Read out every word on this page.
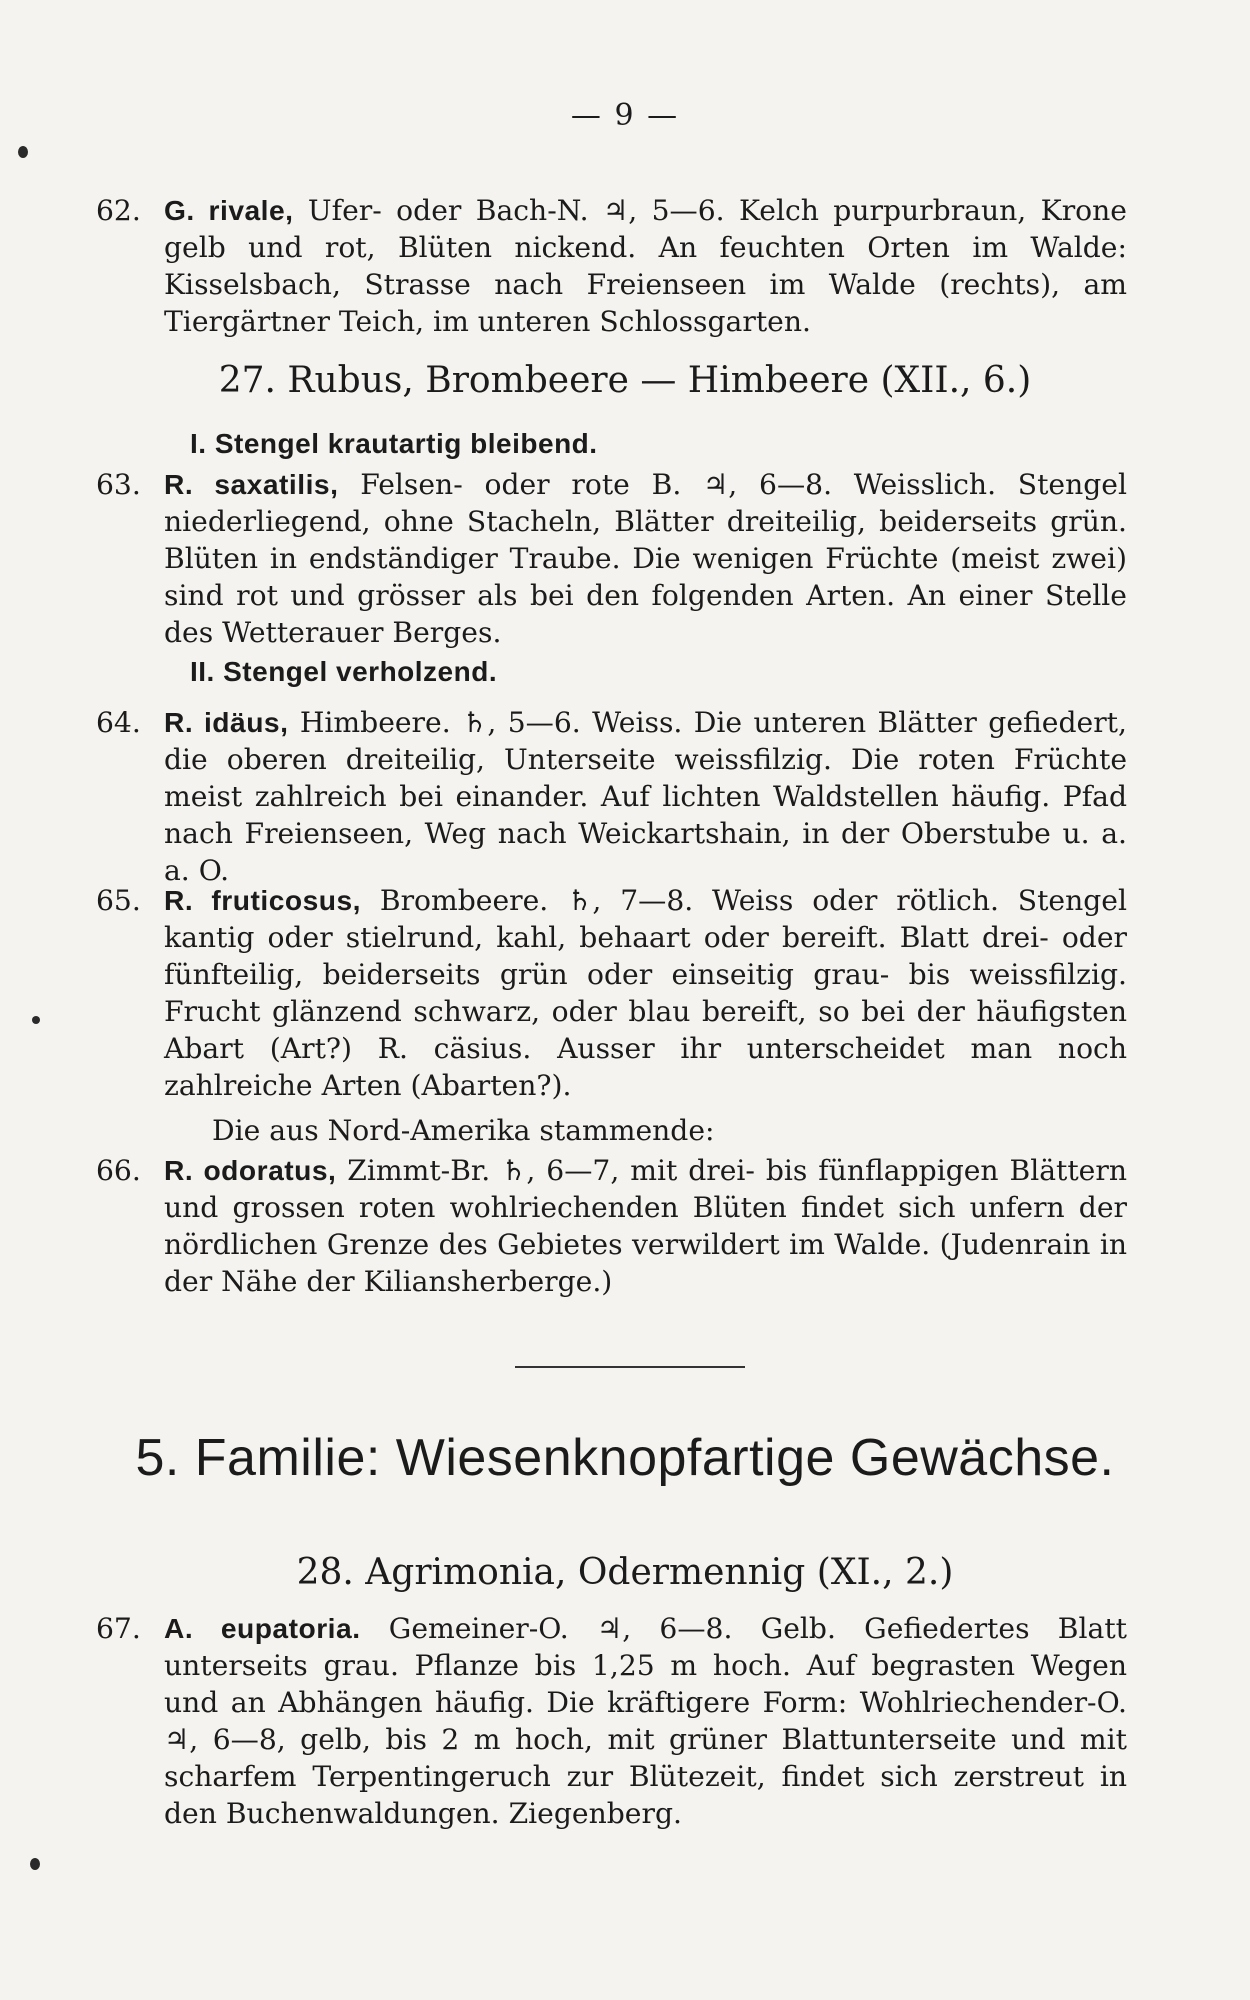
— 9 —
62. G. rivale, Ufer- oder Bach-N. ♃, 5—6. Kelch purpurbraun, Krone gelb und rot, Blüten nickend. An feuchten Orten im Walde: Kisselsbach, Strasse nach Freienseen im Walde (rechts), am Tiergärtner Teich, im unteren Schlossgarten.
27. Rubus, Brombeere — Himbeere (XII., 6.)
I. Stengel krautartig bleibend.
63. R. saxatilis, Felsen- oder rote B. ♃, 6—8. Weisslich. Stengel niederliegend, ohne Stacheln, Blätter dreiteilig, beiderseits grün. Blüten in endständiger Traube. Die wenigen Früchte (meist zwei) sind rot und grösser als bei den folgenden Arten. An einer Stelle des Wetterauer Berges.
II. Stengel verholzend.
64. R. idäus, Himbeere. ♄, 5—6. Weiss. Die unteren Blätter gefiedert, die oberen dreiteilig, Unterseite weissfilzig. Die roten Früchte meist zahlreich bei einander. Auf lichten Waldstellen häufig. Pfad nach Freienseen, Weg nach Weickartshain, in der Oberstube u. a. a. O.
65. R. fruticosus, Brombeere. ♄, 7—8. Weiss oder rötlich. Stengel kantig oder stielrund, kahl, behaart oder bereift. Blatt drei- oder fünfteilig, beiderseits grün oder einseitig grau- bis weissfilzig. Frucht glänzend schwarz, oder blau bereift, so bei der häufigsten Abart (Art?) R. cäsius. Ausser ihr unterscheidet man noch zahlreiche Arten (Abarten?).
Die aus Nord-Amerika stammende:
66. R. odoratus, Zimmt-Br. ♄, 6—7, mit drei- bis fünflappigen Blättern und grossen roten wohlriechenden Blüten findet sich unfern der nördlichen Grenze des Gebietes verwildert im Walde. (Judenrain in der Nähe der Kiliansherberge.)
5. Familie: Wiesenknopfartige Gewächse.
28. Agrimonia, Odermennig (XI., 2.)
67. A. eupatoria. Gemeiner-O. ♃, 6—8. Gelb. Gefiedertes Blatt unterseits grau. Pflanze bis 1,25 m hoch. Auf begrasten Wegen und an Abhängen häufig. Die kräftigere Form: Wohlriechender-O. ♃, 6—8, gelb, bis 2 m hoch, mit grüner Blattunterseite und mit scharfem Terpentingeruch zur Blütezeit, findet sich zerstreut in den Buchenwaldungen. Ziegenberg.
